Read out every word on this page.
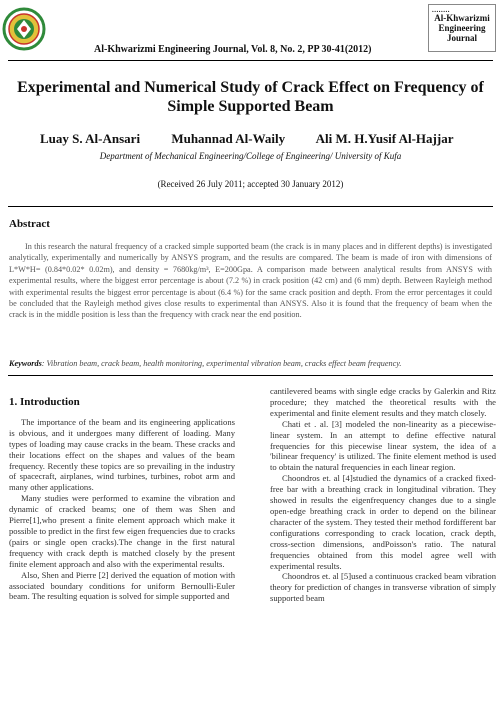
........
Al-Khwarizmi
Engineering
Journal
Al-Khwarizmi Engineering Journal, Vol. 8, No. 2, PP 30-41(2012)
Experimental and Numerical Study of Crack Effect on Frequency of Simple Supported Beam
Luay S. Al-Ansari Muhannad Al-Waily Ali M. H.Yusif Al-Hajjar
Department of Mechanical Engineering/College of Engineering/ University of Kufa
(Received 26 July 2011; accepted 30 January 2012)
Abstract

In this research the natural frequency of a cracked simple supported beam (the crack is in many places and in different depths) is investigated analytically, experimentally and numerically by ANSYS program, and the results are compared. The beam is made of iron with dimensions of L*W*H= (0.84*0.02* 0.02m), and density = 7680kg/m³, E=200Gpa. A comparison made between analytical results from ANSYS with experimental results, where the biggest error percentage is about (7.2 %) in crack position (42 cm) and (6 mm) depth. Between Rayleigh method with experimental results the biggest error percentage is about (6.4 %) for the same crack position and depth. From the error percentages it could be concluded that the Rayleigh method gives close results to experimental than ANSYS. Also it is found that the frequency of beam when the crack is in the middle position is less than the frequency with crack near the end position.

Keywords: Vibration beam, crack beam, health monitoring, experimental vibration beam, cracks effect beam frequency.
1. Introduction

The importance of the beam and its engineering applications is obvious, and it undergoes many different of loading. Many types of loading may cause cracks in the beam. These cracks and their locations effect on the shapes and values of the beam frequency. Recently these topics are so prevailing in the industry of spacecraft, airplanes, wind turbines, turbines, robot arm and many other applications.

Many studies were performed to examine the vibration and dynamic of cracked beams; one of them was Shen and Pierre[1],who present a finite element approach which make it possible to predict in the first few eigen frequencies due to cracks (pairs or single open cracks).The change in the first natural frequency with crack depth is matched closely by the present finite element approach and also with the experimental results.

Also, Shen and Pierre [2] derived the equation of motion with associated boundary conditions for uniform Bernoulli-Euler beam. The resulting equation is solved for simple supported and

cantilevered beams with single edge cracks by Galerkin and Ritz procedure; they matched the theoretical results with the experimental and finite element results and they match closely.

Chati et . al. [3] modeled the non-linearity as a piecewise-linear system. In an attempt to define effective natural frequencies for this piecewise linear system, the idea of a 'bilinear frequency' is utilized. The finite element method is used to obtain the natural frequencies in each linear region.

Choondros et. al [4]studied the dynamics of a cracked fixed-free bar with a breathing crack in longitudinal vibration. They showed in results the eigenfrequency changes due to a single open-edge breathing crack in order to depend on the bilinear character of the system. They tested their method fordifferent bar configurations corresponding to crack location, crack depth, cross-section dimensions, andPoisson's ratio. The natural frequencies obtained from this model agree well with experimental results.

Choondros et. al [5]used a continuous cracked beam vibration theory for prediction of changes in transverse vibration of simply supported beam
